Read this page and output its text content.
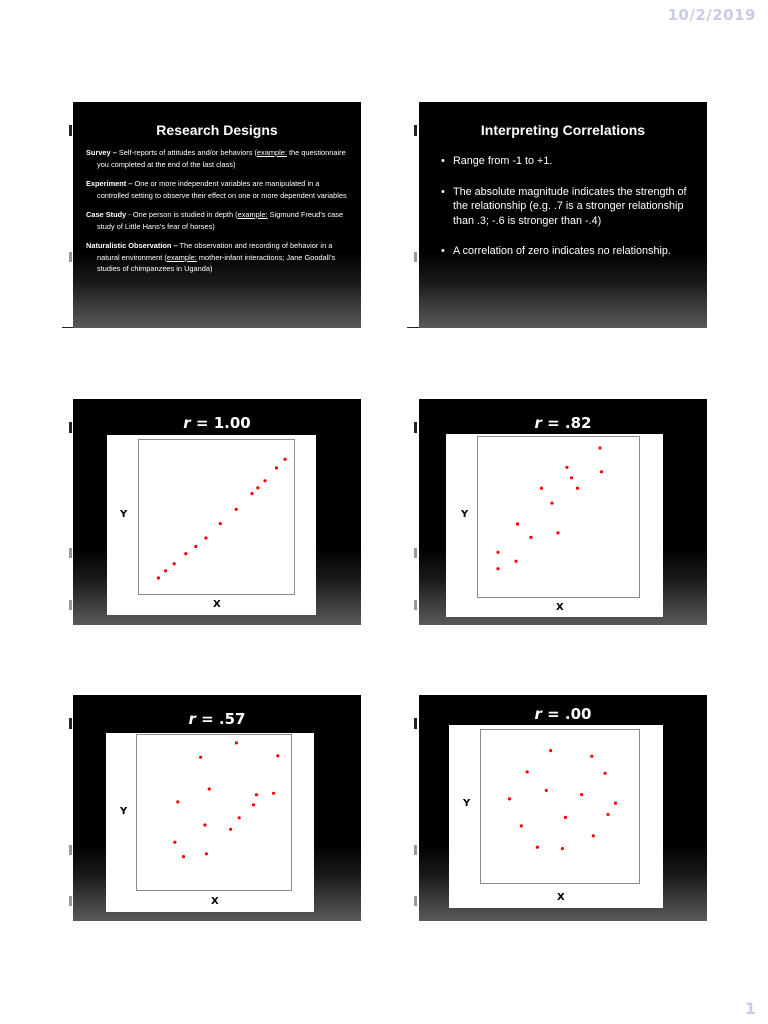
10/2/2019
Research Designs
Survey – Self-reports of attitudes and/or behaviors (example: the questionnaire you completed at the end of the last class)
Experiment – One or more independent variables are manipulated in a controlled setting to observe their effect on one or more dependent variables
Case Study - One person is studied in depth (example: Sigmund Freud’s case study of Little Hans’s fear of horses)
Naturalistic Observation – The observation and recording of behavior in a natural environment (example: mother-infant interactions; Jane Goodall’s studies of chimpanzees in Uganda)
Interpreting Correlations
• Range from -1 to +1.
• The absolute magnitude indicates the strength of the relationship (e.g. .7 is a stronger relationship than .3; -.6 is stronger than -.4)
• A correlation of zero indicates no relationship.
r = 1.00
Y
X
r = .82
Y
X
r = .57
Y
X
r = .00
Y
X
1
